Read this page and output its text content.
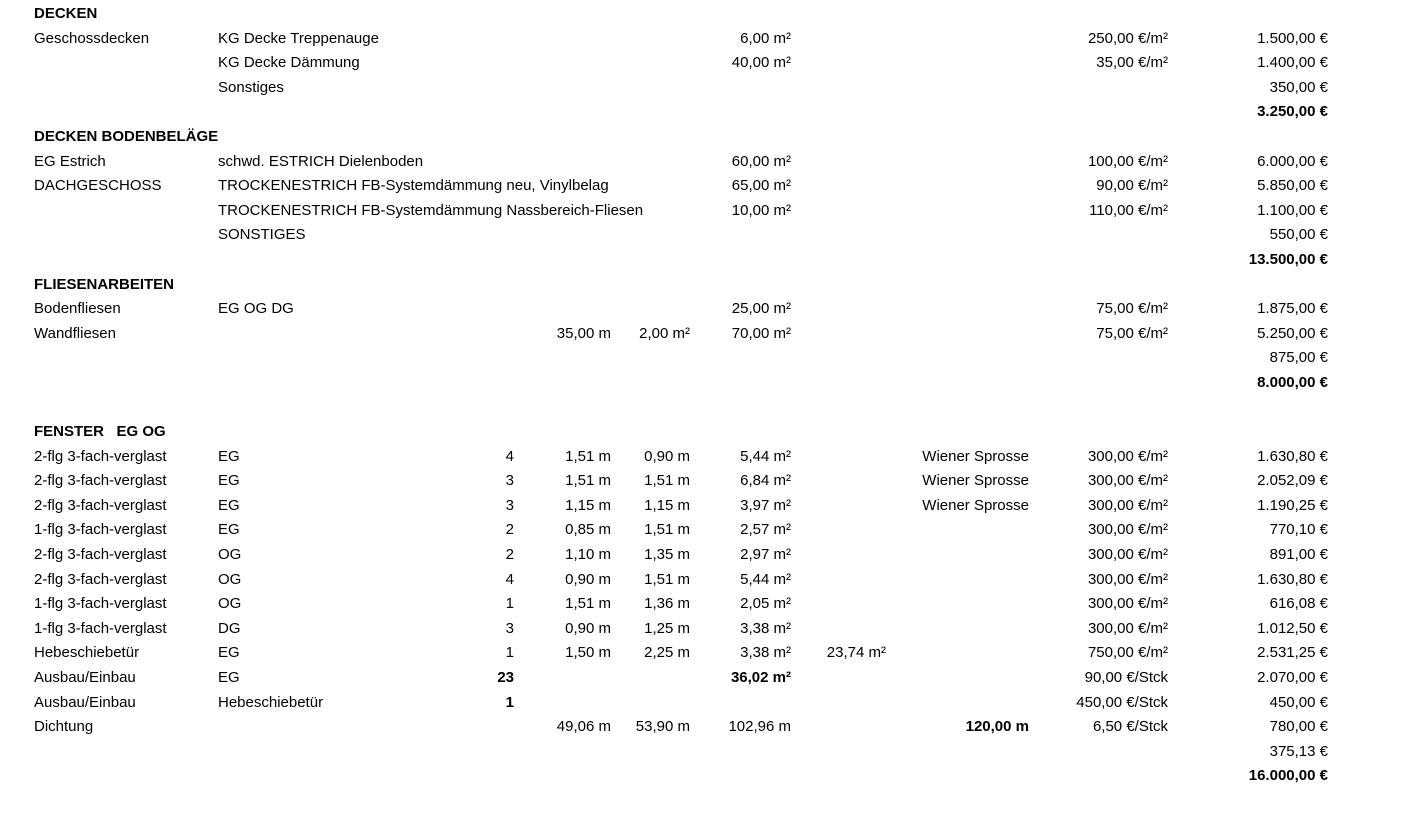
DECKEN
Geschossdecken	KG Decke Treppenauge	6,00 m²	250,00 €/m²	1.500,00 €
KG Decke Dämmung	40,00 m²	35,00 €/m²	1.400,00 €
Sonstiges	350,00 €
3.250,00 €
DECKEN BODENBELÄGE
EG Estrich	schwd. ESTRICH Dielenboden	60,00 m²	100,00 €/m²	6.000,00 €
DACHGESCHOSS	TROCKENESTRICH FB-Systemdämmung neu, Vinylbelag	65,00 m²	90,00 €/m²	5.850,00 €
TROCKENESTRICH FB-Systemdämmung Nassbereich-Fliesen	10,00 m²	110,00 €/m²	1.100,00 €
SONSTIGES	550,00 €
13.500,00 €
FLIESENARBEITEN
Bodenfliesen	EG OG DG	25,00 m²	75,00 €/m²	1.875,00 €
Wandfliesen	35,00 m	2,00 m²	70,00 m²	75,00 €/m²	5.250,00 €
875,00 €
8.000,00 €
FENSTER   EG OG
2-flg 3-fach-verglast	EG	4	1,51 m	0,90 m	5,44 m²	Wiener Sprosse	300,00 €/m²	1.630,80 €
2-flg 3-fach-verglast	EG	3	1,51 m	1,51 m	6,84 m²	Wiener Sprosse	300,00 €/m²	2.052,09 €
2-flg 3-fach-verglast	EG	3	1,15 m	1,15 m	3,97 m²	Wiener Sprosse	300,00 €/m²	1.190,25 €
1-flg 3-fach-verglast	EG	2	0,85 m	1,51 m	2,57 m²	300,00 €/m²	770,10 €
2-flg 3-fach-verglast	OG	2	1,10 m	1,35 m	2,97 m²	300,00 €/m²	891,00 €
2-flg 3-fach-verglast	OG	4	0,90 m	1,51 m	5,44 m²	300,00 €/m²	1.630,80 €
1-flg 3-fach-verglast	OG	1	1,51 m	1,36 m	2,05 m²	300,00 €/m²	616,08 €
1-flg 3-fach-verglast	DG	3	0,90 m	1,25 m	3,38 m²	300,00 €/m²	1.012,50 €
Hebeschiebetür	EG	1	1,50 m	2,25 m	3,38 m²	23,74 m²	750,00 €/m²	2.531,25 €
Ausbau/Einbau	EG	23	36,02 m²	90,00 €/Stck	2.070,00 €
Ausbau/Einbau	Hebeschiebetür	1	450,00 €/Stck	450,00 €
Dichtung	49,06 m	53,90 m	102,96 m	120,00 m	6,50 €/Stck	780,00 €
375,13 €
16.000,00 €
